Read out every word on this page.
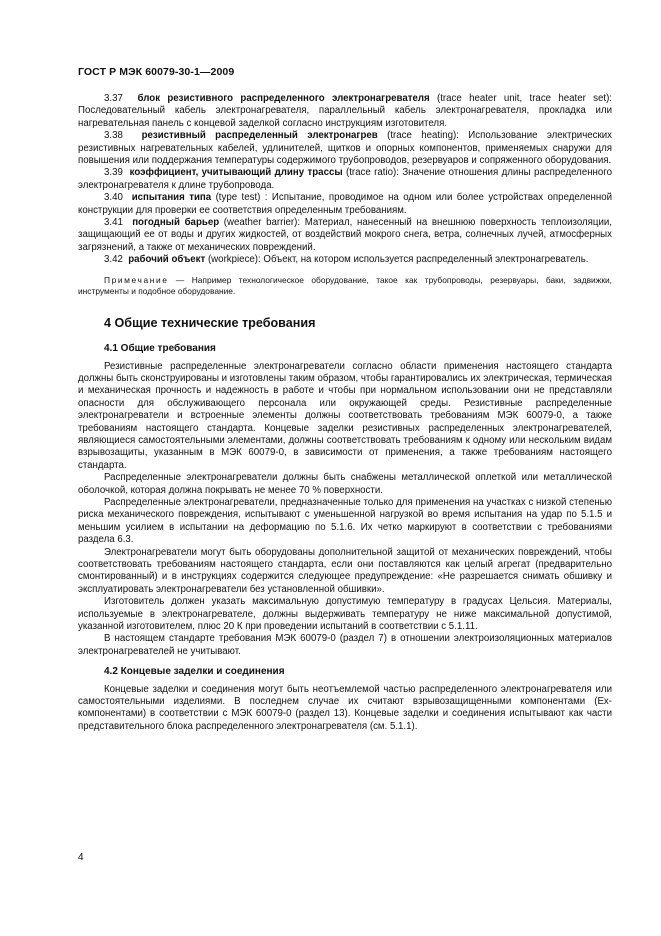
ГОСТ Р МЭК 60079-30-1—2009

3.37 блок резистивного распределенного электронагревателя (trace heater unit, trace heater set): Последовательный кабель электронагревателя, параллельный кабель электронагревателя, прокладка или нагревательная панель с концевой заделкой согласно инструкциям изготовителя.

3.38 резистивный распределенный электронагрев (trace heating): Использование электрических резистивных нагревательных кабелей, удлинителей, щитков и опорных компонентов, применяемых снаружи для повышения или поддержания температуры содержимого трубопроводов, резервуаров и сопряженного оборудования.

3.39 коэффициент, учитывающий длину трассы (trace ratio): Значение отношения длины распределенного электронагревателя к длине трубопровода.

3.40 испытания типа (type test) : Испытание, проводимое на одном или более устройствах определенной конструкции для проверки ее соответствия определенным требованиям.

3.41 погодный барьер (weather barrier): Материал, нанесенный на внешнюю поверхность теплоизоляции, защищающий ее от воды и других жидкостей, от воздействий мокрого снега, ветра, солнечных лучей, атмосферных загрязнений, а также от механических повреждений.

3.42 рабочий объект (workpiece): Объект, на котором используется распределенный электронагреватель.

Примечание — Например технологическое оборудование, такое как трубопроводы, резервуары, баки, задвижки, инструменты и подобное оборудование.

4 Общие технические требования
4.1 Общие требования

Резистивные распределенные электронагреватели согласно области применения настоящего стандарта должны быть сконструированы и изготовлены таким образом, чтобы гарантировались их электрическая, термическая и механическая прочность и надежность в работе и чтобы при нормальном использовании они не представляли опасности для обслуживающего персонала или окружающей среды. Резистивные распределенные электронагреватели и встроенные элементы должны соответствовать требованиям МЭК 60079-0, а также требованиям настоящего стандарта. Концевые заделки резистивных распределенных электронагревателей, являющиеся самостоятельными элементами, должны соответствовать требованиям к одному или нескольким видам взрывозащиты, указанным в МЭК 60079-0, в зависимости от применения, а также требованиям настоящего стандарта.

Распределенные электронагреватели должны быть снабжены металлической оплеткой или металлической оболочкой, которая должна покрывать не менее 70 % поверхности.

Распределенные электронагреватели, предназначенные только для применения на участках с низкой степенью риска механического повреждения, испытывают с уменьшенной нагрузкой во время испытания на удар по 5.1.5 и меньшим усилием в испытании на деформацию по 5.1.6. Их четко маркируют в соответствии с требованиями раздела 6.3.

Электронагреватели могут быть оборудованы дополнительной защитой от механических повреждений, чтобы соответствовать требованиям настоящего стандарта, если они поставляются как целый агрегат (предварительно смонтированный) и в инструкциях содержится следующее предупреждение: «Не разрешается снимать обшивку и эксплуатировать электронагреватели без установленной обшивки».

Изготовитель должен указать максимальную допустимую температуру в градусах Цельсия. Материалы, используемые в электронагревателе, должны выдерживать температуру не ниже максимальной допустимой, указанной изготовителем, плюс 20 К при проведении испытаний в соответствии с 5.1.11.

В настоящем стандарте требования МЭК 60079-0 (раздел 7) в отношении электроизоляционных материалов электронагревателей не учитывают.

4.2 Концевые заделки и соединения

Концевые заделки и соединения могут быть неотъемлемой частью распределенного электронагревателя или самостоятельными изделиями. В последнем случае их считают взрывозащищенными компонентами (Ех-компонентами) в соответствии с МЭК 60079-0 (раздел 13). Концевые заделки и соединения испытывают как части представительного блока распределенного электронагревателя (см. 5.1.1).

4
